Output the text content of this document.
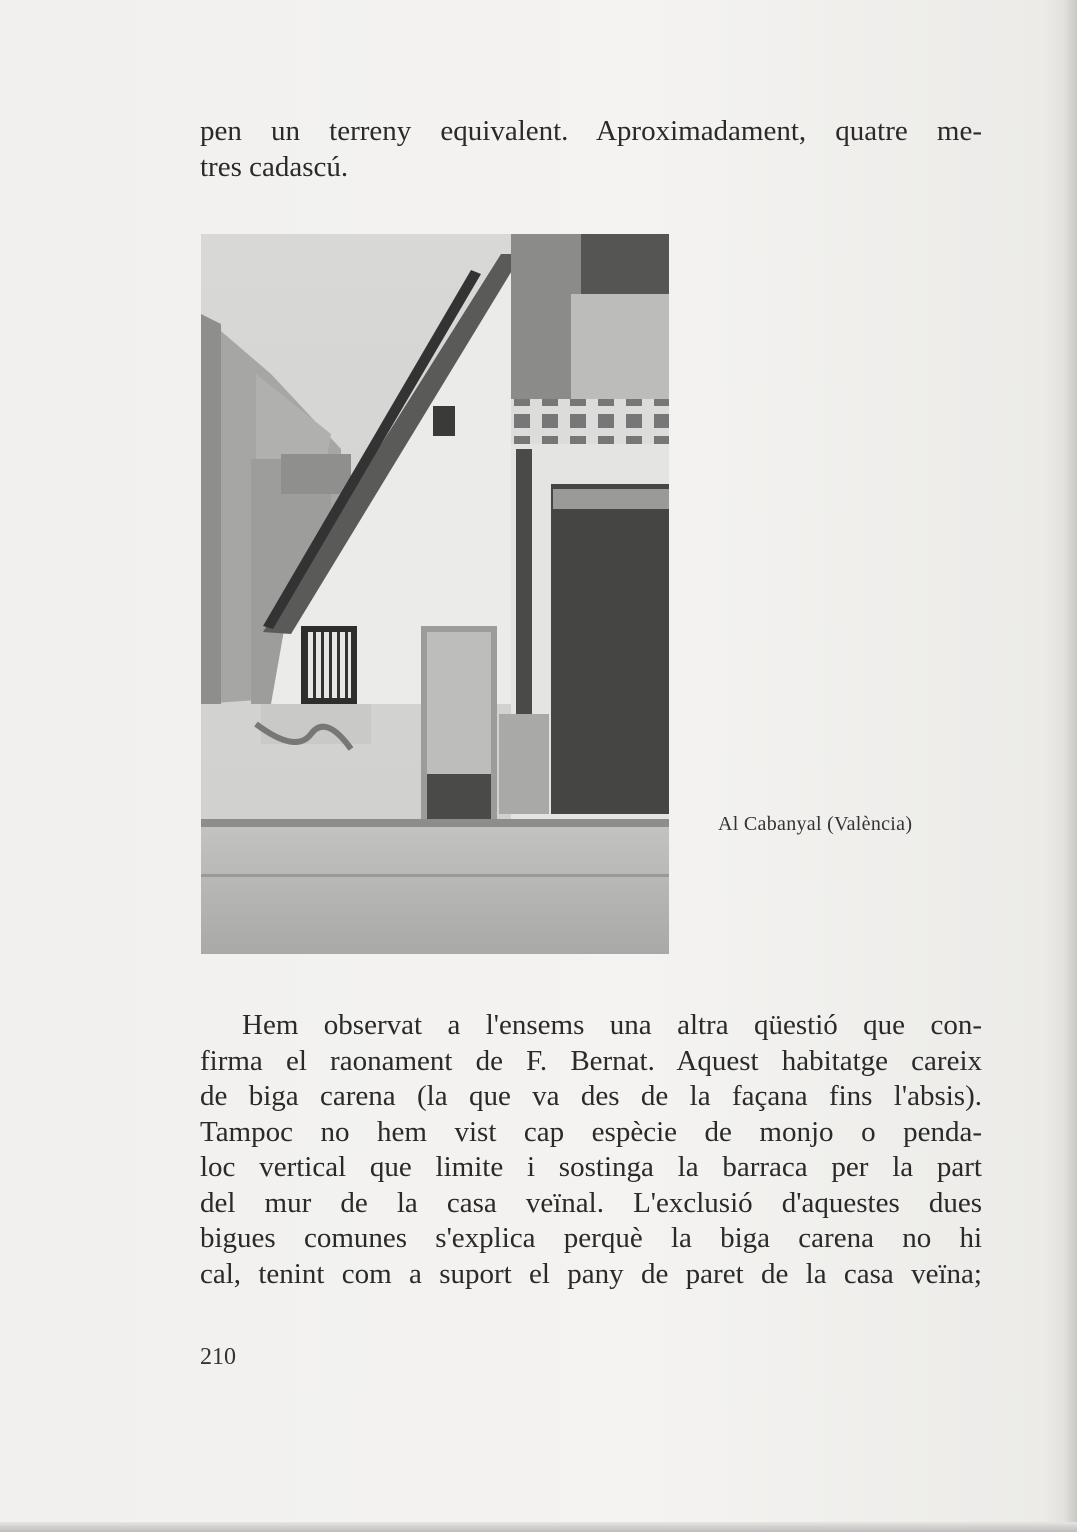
pen un terreny equivalent. Aproximadament, quatre me-
tres cadascú.

Al Cabanyal (València)

Hem observat a l'ensems una altra qüestió que con-
firma el raonament de F. Bernat. Aquest habitatge careix
de biga carena (la que va des de la façana fins l'absis).
Tampoc no hem vist cap espècie de monjo o penda-
loc vertical que limite i sostinga la barraca per la part
del mur de la casa veïnal. L'exclusió d'aquestes dues
bigues comunes s'explica perquè la biga carena no hi
cal, tenint com a suport el pany de paret de la casa veïna;

210
